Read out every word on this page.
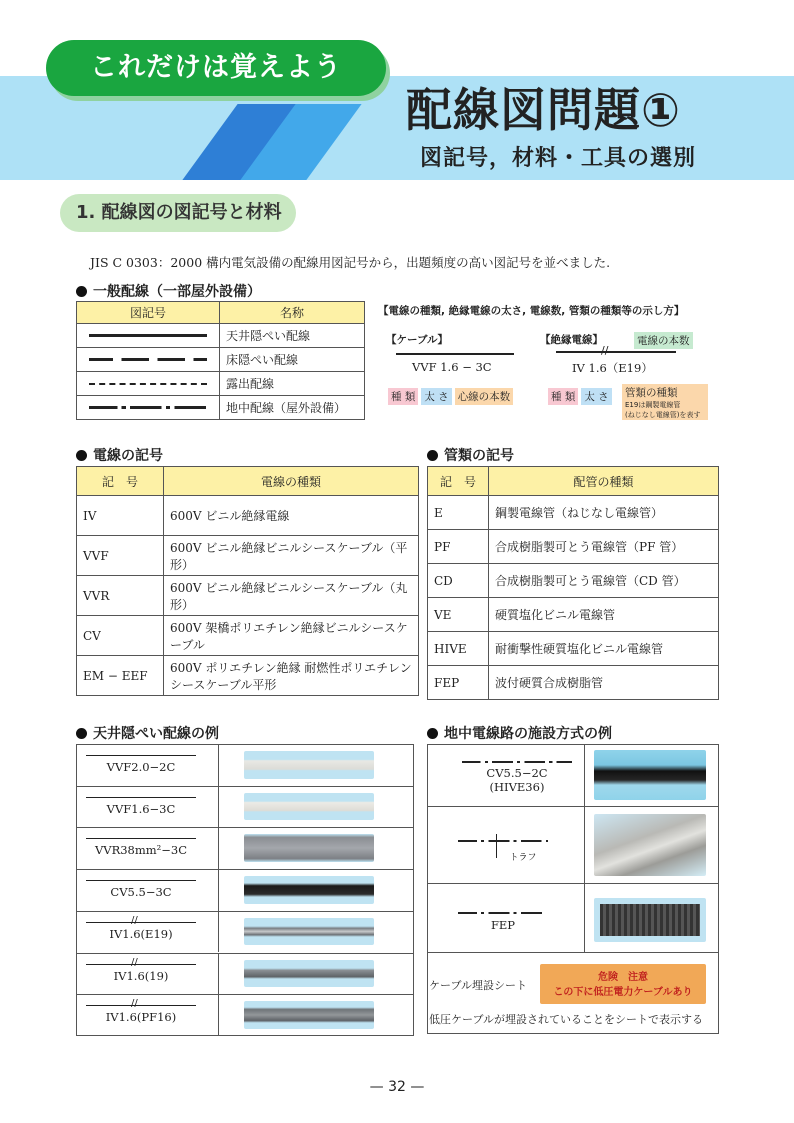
これだけは覚えよう
配線図問題①
図記号，材料・工具の選別
1. 配線図の図記号と材料
JIS C 0303：2000 構内電気設備の配線用図記号から，出題頻度の高い図記号を並べました.
一般配線（一部屋外設備）
図記号	名称

	天井隠ぺい配線

	床隠ぺい配線

	露出配線

	地中配線（屋外設備）
【電線の種類, 絶縁電線の太さ, 電線数, 管類の種類等の示し方】
【ケーブル】
VVF 1.6 − 3C
種 類 太 さ 心線の本数
【絶縁電線】	電線の本数
//
IV 1.6（E19）
種 類 太 さ	管類の種類
E19は鋼製電線管
(ねじなし電線管)を表す
電線の記号
記　号	電線の種類
IV	600V ビニル絶縁電線
VVF	600V ビニル絶縁ビニルシースケーブル（平形）
VVR	600V ビニル絶縁ビニルシースケーブル（丸形）
CV	600V 架橋ポリエチレン絶縁ビニルシースケーブル
EM − EEF	600V ポリエチレン絶縁 耐燃性ポリエチレンシースケーブル平形
管類の記号
記　号	配管の種類
E	鋼製電線管（ねじなし電線管）
PF	合成樹脂製可とう電線管（PF 管）
CD	合成樹脂製可とう電線管（CD 管）
VE	硬質塩化ビニル電線管
HIVE	耐衝撃性硬質塩化ビニル電線管
FEP	波付硬質合成樹脂管
天井隠ぺい配線の例
VVF2.0−2C
VVF1.6−3C
VVR38mm²−3C
CV5.5−3C
//
IV1.6(E19)
//
IV1.6(19)
//
IV1.6(PF16)
地中電線路の施設方式の例
CV5.5−2C
(HIVE36)
トラフ
FEP
ケーブル埋設シート
危険　注意
この下に低圧電力ケーブルあり
低圧ケーブルが埋設されていることをシートで表示する
— 32 —
